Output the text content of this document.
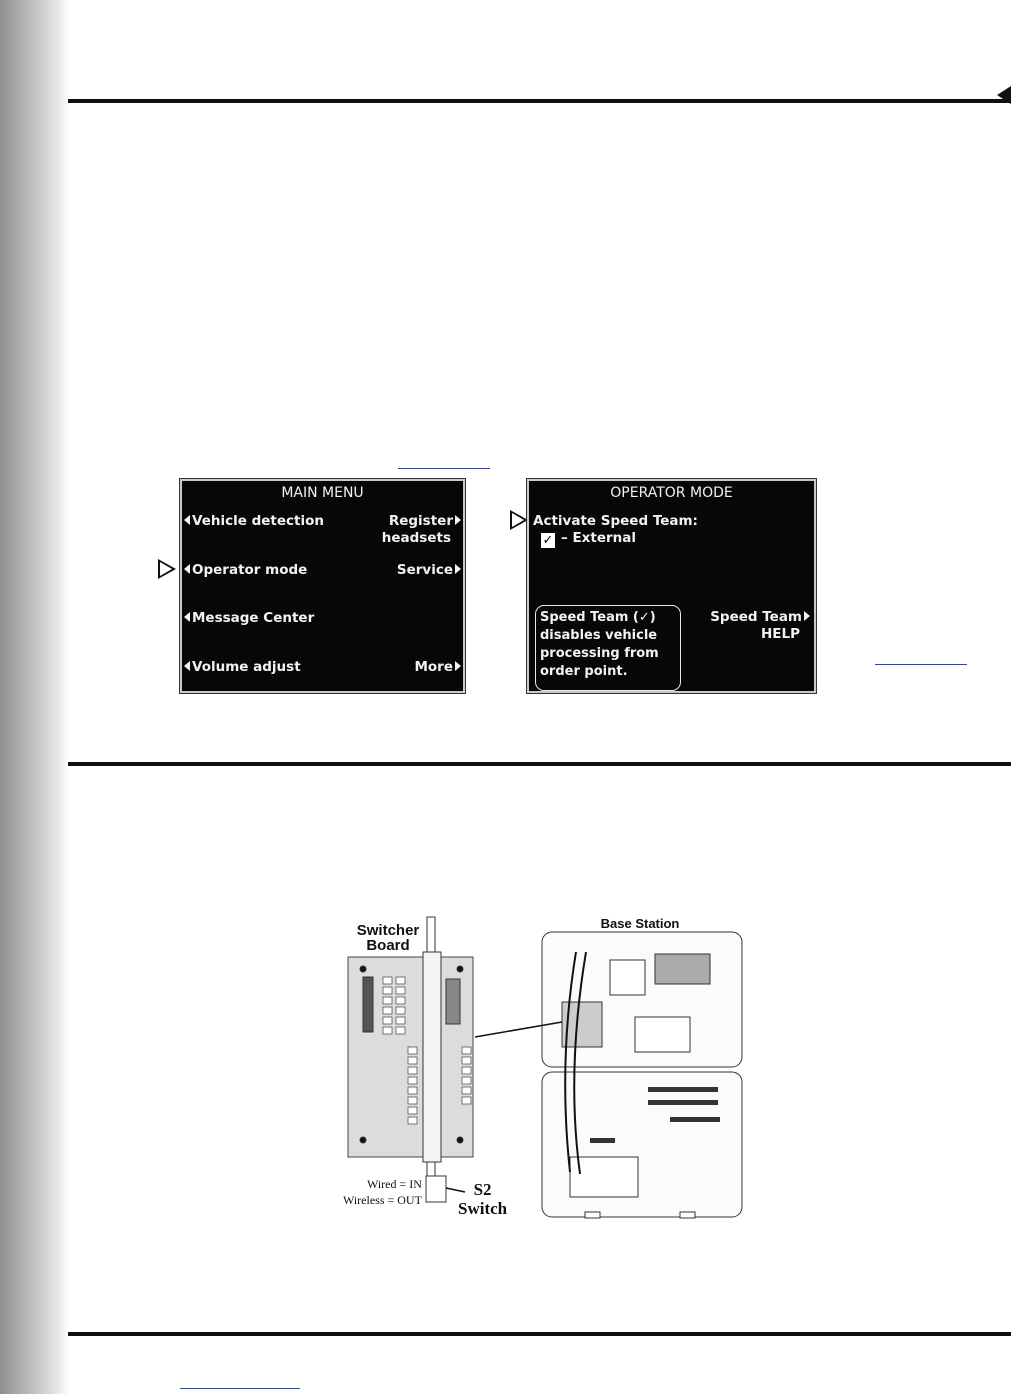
MAIN MENU
Vehicle detection
Operator mode
Message Center
Volume adjust
Register
headsets
Service
More
OPERATOR MODE
Activate Speed Team:
✓ – External
Speed Team (✓)
disables vehicle
processing from
order point.
Speed Team
HELP
Switcher
Board
Base Station
Wired = IN
Wireless = OUT
S2
Switch
